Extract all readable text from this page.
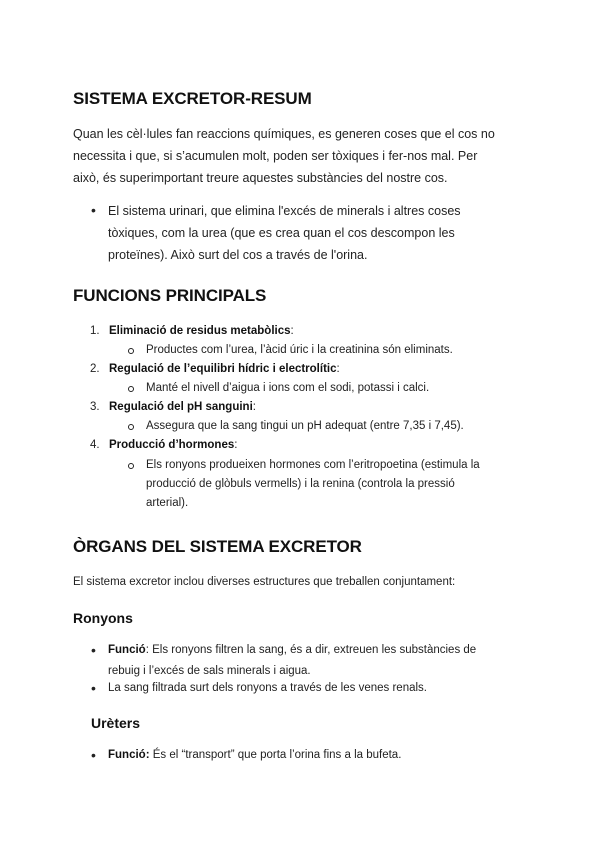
SISTEMA EXCRETOR-RESUM
Quan les cèl·lules fan reaccions químiques, es generen coses que el cos no
necessita i que, si s’acumulen molt, poden ser tòxiques i fer-nos mal. Per
això, és superimportant treure aquestes substàncies del nostre cos.
• El sistema urinari, que elimina l'excés de minerals i altres coses
tòxiques, com la urea (que es crea quan el cos descompon les
proteïnes). Això surt del cos a través de l'orina.
FUNCIONS PRINCIPALS
1. Eliminació de residus metabòlics:
Productes com l’urea, l’àcid úric i la creatinina són eliminats.
2. Regulació de l’equilibri hídric i electrolític:
Manté el nivell d’aigua i ions com el sodi, potassi i calci.
3. Regulació del pH sanguini:
Assegura que la sang tingui un pH adequat (entre 7,35 i 7,45).
4. Producció d’hormones:
Els ronyons produeixen hormones com l’eritropoetina (estimula la
producció de glòbuls vermells) i la renina (controla la pressió
arterial).
ÒRGANS DEL SISTEMA EXCRETOR
El sistema excretor inclou diverses estructures que treballen conjuntament:
Ronyons
• Funció: Els ronyons filtren la sang, és a dir, extreuen les substàncies de
rebuig i l’excés de sals minerals i aigua.
• La sang filtrada surt dels ronyons a través de les venes renals.
Urèters
• Funció: És el “transport” que porta l’orina fins a la bufeta.
